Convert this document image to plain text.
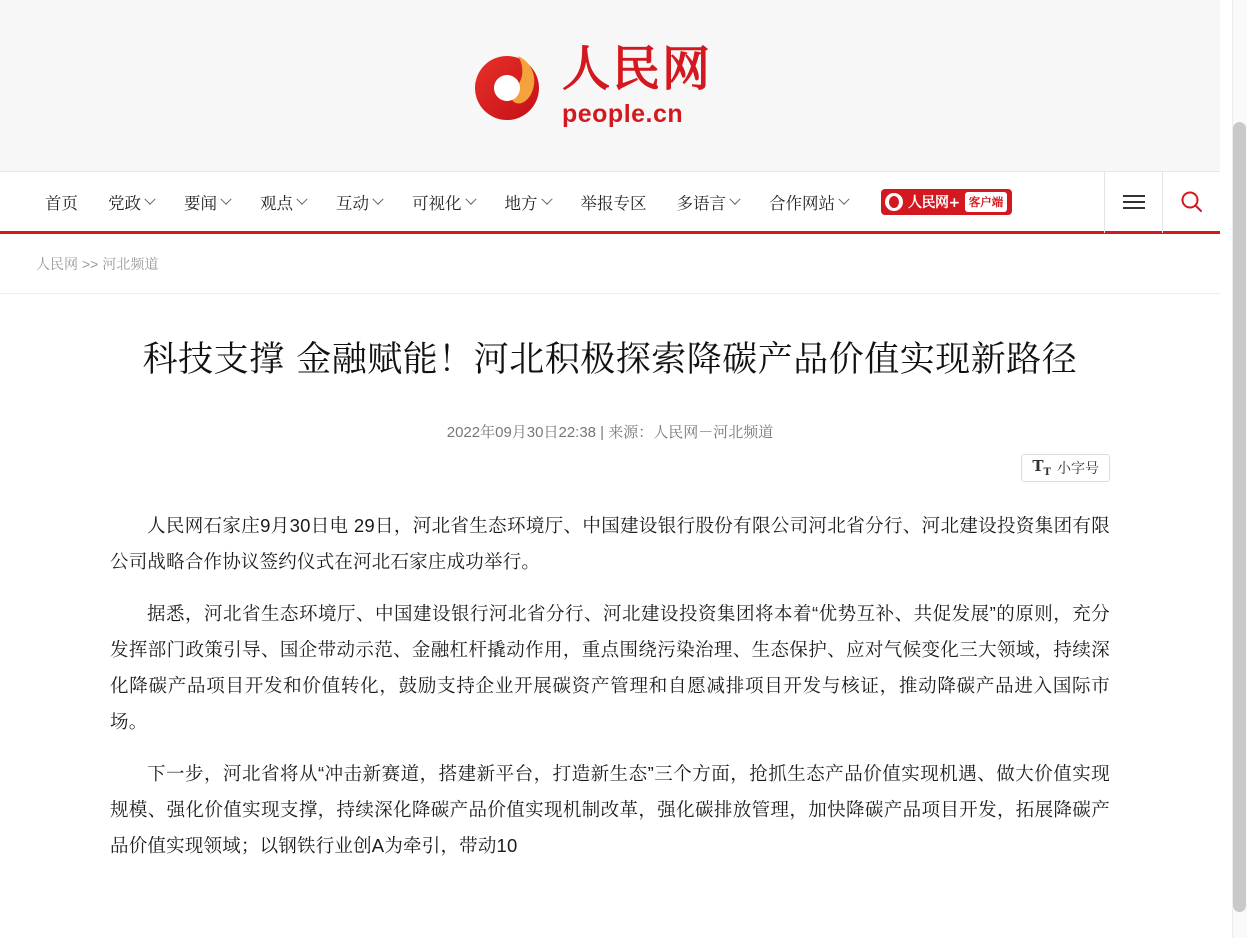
人民网
people.cn
首页 党政	要闻	观点	互动	可视化	地方	举报专区 多语言	合作网站	人民网+ 客户端
人民网 >> 河北频道
科技支撑 金融赋能！河北积极探索降碳产品价值实现新路径
2022年09月30日22:38 | 来源：人民网－河北频道
$T_T$ 小字号

人民网石家庄9月30日电 29日，河北省生态环境厅、中国建设银行股份有限公司河北省分行、河北建设投资集团有限公司战略合作协议签约仪式在河北石家庄成功举行。

据悉，河北省生态环境厅、中国建设银行河北省分行、河北建设投资集团将本着“优势互补、共促发展”的原则，充分发挥部门政策引导、国企带动示范、金融杠杆撬动作用，重点围绕污染治理、生态保护、应对气候变化三大领域，持续深化降碳产品项目开发和价值转化，鼓励支持企业开展碳资产管理和自愿减排项目开发与核证，推动降碳产品进入国际市场。

下一步，河北省将从“冲击新赛道，搭建新平台，打造新生态”三个方面，抢抓生态产品价值实现机遇、做大价值实现规模、强化价值实现支撑，持续深化降碳产品价值实现机制改革，强化碳排放管理，加快降碳产品项目开发，拓展降碳产品价值实现领域；以钢铁行业创A为牵引，带动10
